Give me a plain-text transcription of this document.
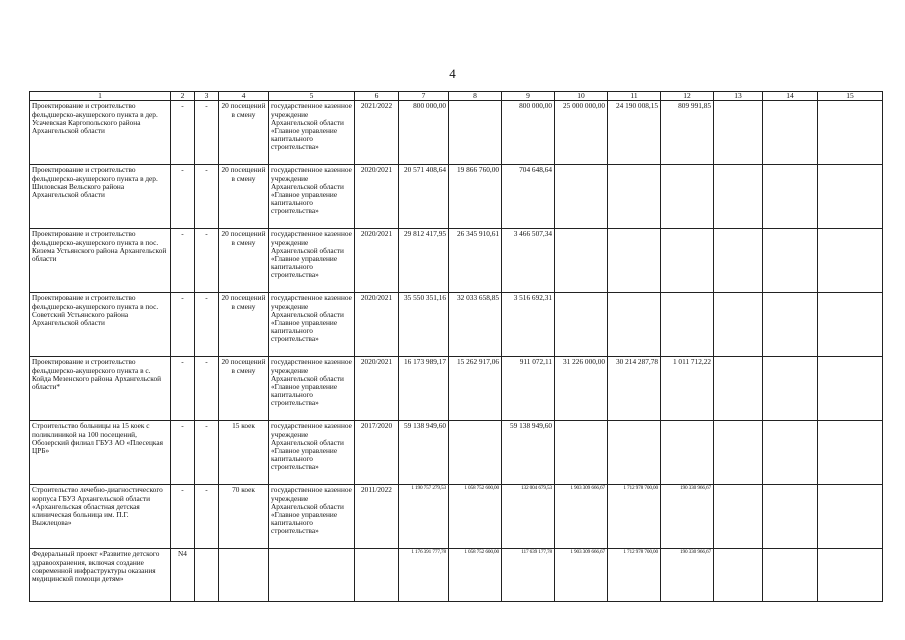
4
1	2	3	4	5	6	7	8	9	10	11	12	13	14	15
Проектирование и строительство фельдшерско-акушерского пункта в дер. Усачевская Каргопольского района Архангельской области	-	-	20 посещений в смену	государственное казенное учреждение Архангельской области «Главное управление капитального строительства»	2021/2022	800 000,00		800 000,00	25 000 000,00	24 190 008,15	809 991,85			
Проектирование и строительство фельдшерско-акушерского пункта в дер. Шиловская Вельского района Архангельской области	-	-	20 посещений в смену	государственное казенное учреждение Архангельской области «Главное управление капитального строительства»	2020/2021	20 571 408,64	19 866 760,00	704 648,64						
Проектирование и строительство фельдшерско-акушерского пункта в пос. Кизема Устьянского района Архангельской области	-	-	20 посещений в смену	государственное казенное учреждение Архангельской области «Главное управление капитального строительства»	2020/2021	29 812 417,95	26 345 910,61	3 466 507,34						
Проектирование и строительство фельдшерско-акушерского пункта в пос. Советский Устьянского района Архангельской области	-	-	20 посещений в смену	государственное казенное учреждение Архангельской области «Главное управление капитального строительства»	2020/2021	35 550 351,16	32 033 658,85	3 516 692,31						
Проектирование и строительство фельдшерско-акушерского пункта в с. Койда Мезенского района Архангельской области*	-	-	20 посещений в смену	государственное казенное учреждение Архангельской области «Главное управление капитального строительства»	2020/2021	16 173 989,17	15 262 917,06	911 072,11	31 226 000,00	30 214 287,78	1 011 712,22			
Строительство больницы на 15 коек с поликлиникой на 100 посещений, Обозерский филиал ГБУЗ АО «Плесецкая ЦРБ»	-	-	15 коек	государственное казенное учреждение Архангельской области «Главное управление капитального строительства»	2017/2020	59 138 949,60		59 138 949,60						
Строительство лечебно-диагностического корпуса ГБУЗ Архангельской области «Архангельская областная детская клиническая больница им. П.Г. Выжлецова»	-	-	70 коек	государственное казенное учреждение Архангельской области «Главное управление капитального строительства»	2011/2022	1 190 757 279,53	1 058 752 600,00	132 004 679,53	1 903 309 666,67	1 712 978 700,00	190 330 966,67			
Федеральный проект «Развитие детского здравоохранения, включая создание современной инфраструктуры оказания медицинской помощи детям»	N4					1 176 391 777,78	1 058 752 600,00	117 639 177,78	1 903 309 666,67	1 712 978 700,00	190 330 966,67			
